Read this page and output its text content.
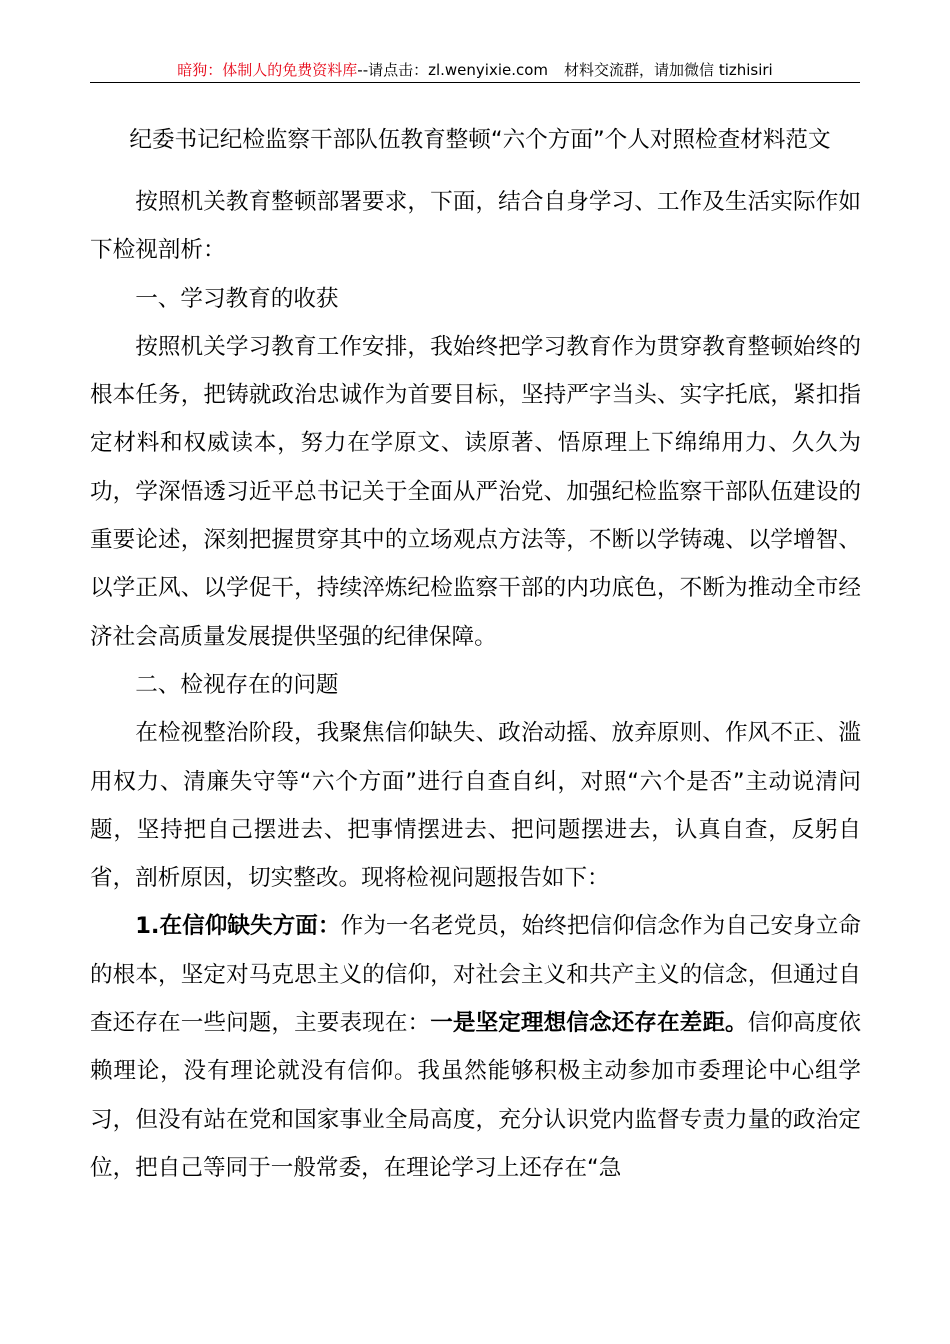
暗狗：体制人的免费资料库--请点击：zl.wenyixie.com 材料交流群，请加微信 tizhisiri
纪委书记纪检监察干部队伍教育整顿“六个方面”个人对照检查材料范文

按照机关教育整顿部署要求，下面，结合自身学习、工作及生活实际作如下检视剖析：

一、学习教育的收获

按照机关学习教育工作安排，我始终把学习教育作为贯穿教育整顿始终的根本任务，把铸就政治忠诚作为首要目标，坚持严字当头、实字托底，紧扣指定材料和权威读本，努力在学原文、读原著、悟原理上下绵绵用力、久久为功，学深悟透习近平总书记关于全面从严治党、加强纪检监察干部队伍建设的重要论述，深刻把握贯穿其中的立场观点方法等，不断以学铸魂、以学增智、以学正风、以学促干，持续淬炼纪检监察干部的内功底色，不断为推动全市经济社会高质量发展提供坚强的纪律保障。

二、检视存在的问题

在检视整治阶段，我聚焦信仰缺失、政治动摇、放弃原则、作风不正、滥用权力、清廉失守等“六个方面”进行自查自纠，对照“六个是否”主动说清问题，坚持把自己摆进去、把事情摆进去、把问题摆进去，认真自查，反躬自省，剖析原因，切实整改。现将检视问题报告如下：

1.在信仰缺失方面：作为一名老党员，始终把信仰信念作为自己安身立命的根本，坚定对马克思主义的信仰，对社会主义和共产主义的信念，但通过自查还存在一些问题，主要表现在：一是坚定理想信念还存在差距。信仰高度依赖理论，没有理论就没有信仰。我虽然能够积极主动参加市委理论中心组学习，但没有站在党和国家事业全局高度，充分认识党内监督专责力量的政治定位，把自己等同于一般常委，在理论学习上还存在“急
